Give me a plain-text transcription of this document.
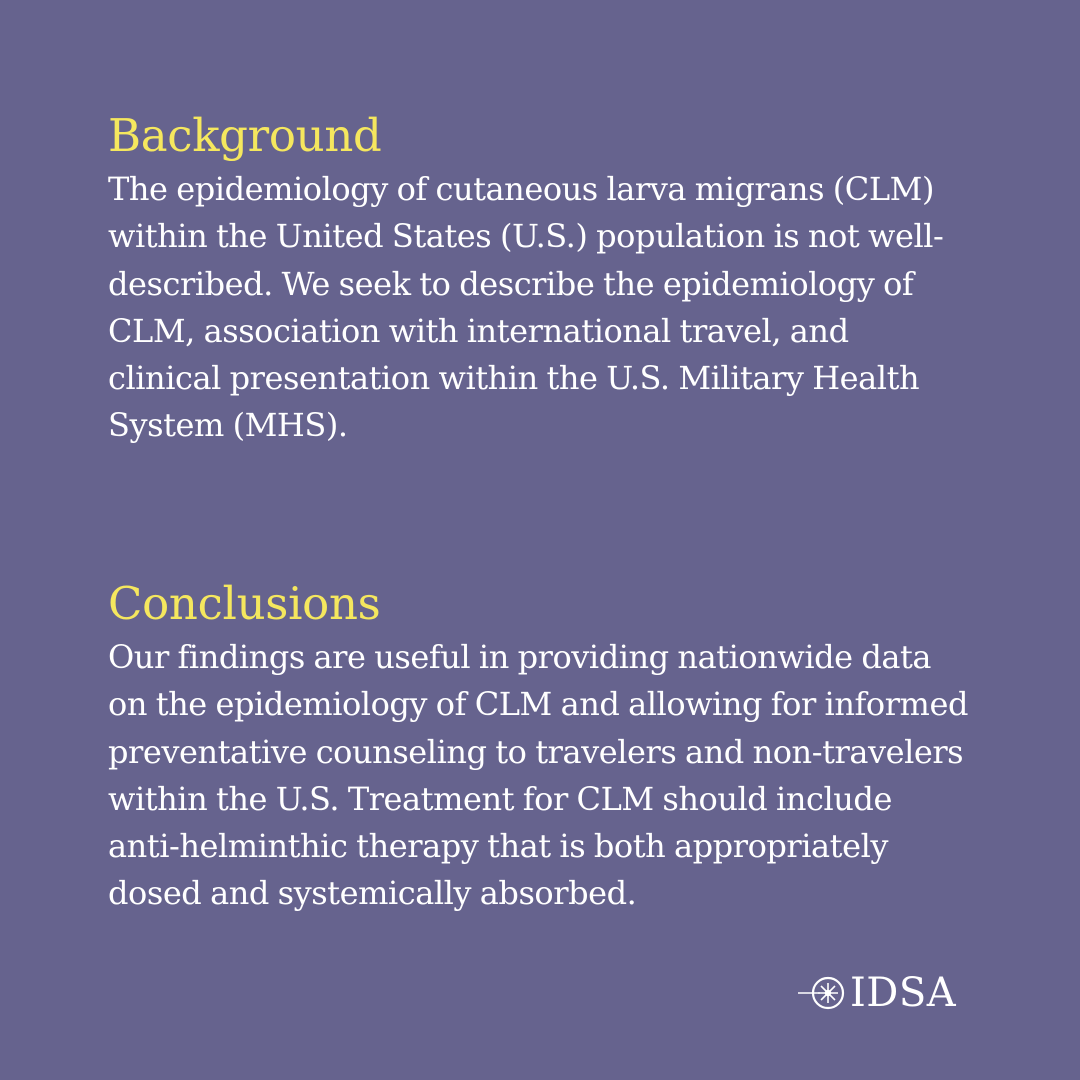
Background

The epidemiology of cutaneous larva migrans (CLM) within the United States (U.S.) population is not well-described. We seek to describe the epidemiology of CLM, association with international travel, and clinical presentation within the U.S. Military Health System (MHS).

Conclusions

Our findings are useful in providing nationwide data on the epidemiology of CLM and allowing for informed preventative counseling to travelers and non-travelers within the U.S. Treatment for CLM should include anti-helminthic therapy that is both appropriately dosed and systemically absorbed.

IDSA
